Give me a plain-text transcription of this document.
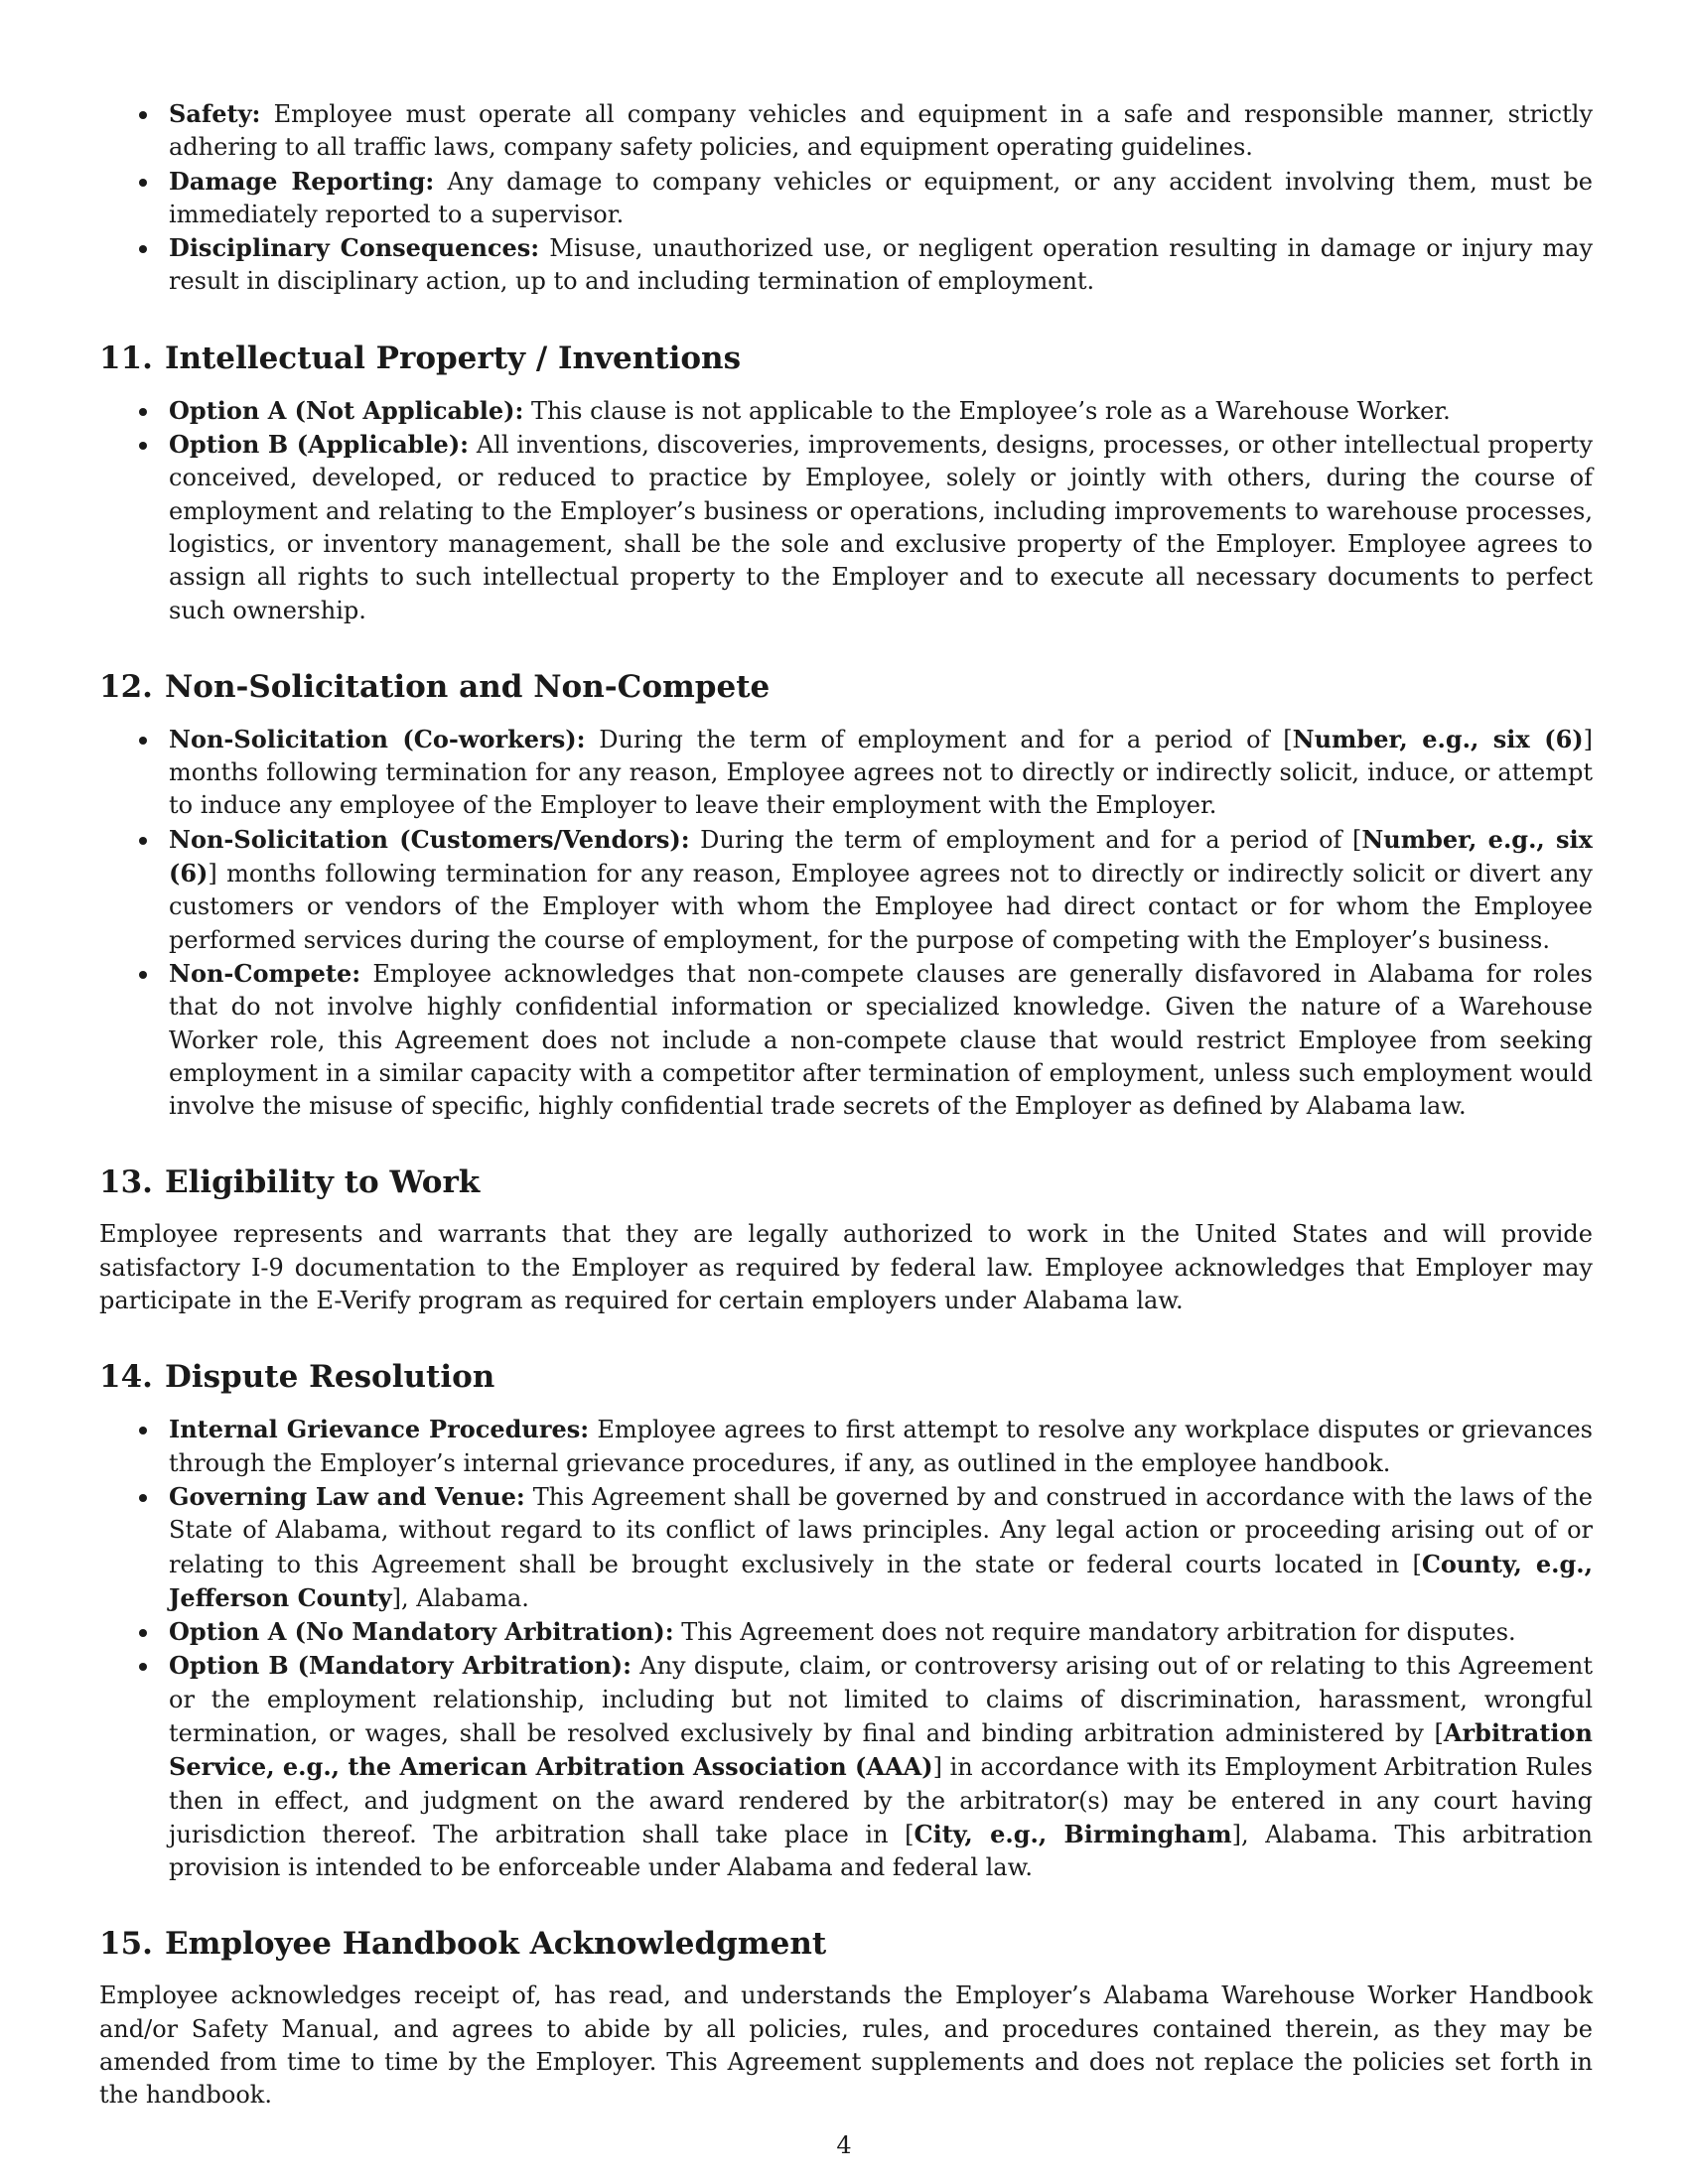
Safety: Employee must operate all company vehicles and equipment in a safe and responsible manner, strictly adhering to all traffic laws, company safety policies, and equipment operating guidelines.
Damage Reporting: Any damage to company vehicles or equipment, or any accident involving them, must be immediately reported to a supervisor.
Disciplinary Consequences: Misuse, unauthorized use, or negligent operation resulting in damage or injury may result in disciplinary action, up to and including termination of employment.
11. Intellectual Property / Inventions
Option A (Not Applicable): This clause is not applicable to the Employee’s role as a Warehouse Worker.
Option B (Applicable): All inventions, discoveries, improvements, designs, processes, or other intellectual property conceived, developed, or reduced to practice by Employee, solely or jointly with others, during the course of employment and relating to the Employer’s business or operations, including improvements to warehouse processes, logistics, or inventory management, shall be the sole and exclusive property of the Employer. Employee agrees to assign all rights to such intellectual property to the Employer and to execute all necessary documents to perfect such ownership.
12. Non-Solicitation and Non-Compete
Non-Solicitation (Co-workers): During the term of employment and for a period of [Number, e.g., six (6)] months following termination for any reason, Employee agrees not to directly or indirectly solicit, induce, or attempt to induce any employee of the Employer to leave their employment with the Employer.
Non-Solicitation (Customers/Vendors): During the term of employment and for a period of [Number, e.g., six (6)] months following termination for any reason, Employee agrees not to directly or indirectly solicit or divert any customers or vendors of the Employer with whom the Employee had direct contact or for whom the Employee performed services during the course of employment, for the purpose of competing with the Employer’s business.
Non-Compete: Employee acknowledges that non-compete clauses are generally disfavored in Alabama for roles that do not involve highly confidential information or specialized knowledge. Given the nature of a Warehouse Worker role, this Agreement does not include a non-compete clause that would restrict Employee from seeking employment in a similar capacity with a competitor after termination of employment, unless such employment would involve the misuse of specific, highly confidential trade secrets of the Employer as defined by Alabama law.
13. Eligibility to Work

Employee represents and warrants that they are legally authorized to work in the United States and will provide satisfactory I-9 documentation to the Employer as required by federal law. Employee acknowledges that Employer may participate in the E-Verify program as required for certain employers under Alabama law.

14. Dispute Resolution
Internal Grievance Procedures: Employee agrees to first attempt to resolve any workplace disputes or grievances through the Employer’s internal grievance procedures, if any, as outlined in the employee handbook.
Governing Law and Venue: This Agreement shall be governed by and construed in accordance with the laws of the State of Alabama, without regard to its conflict of laws principles. Any legal action or proceeding arising out of or relating to this Agreement shall be brought exclusively in the state or federal courts located in [County, e.g., Jefferson County], Alabama.
Option A (No Mandatory Arbitration): This Agreement does not require mandatory arbitration for disputes.
Option B (Mandatory Arbitration): Any dispute, claim, or controversy arising out of or relating to this Agreement or the employment relationship, including but not limited to claims of discrimination, harassment, wrongful termination, or wages, shall be resolved exclusively by final and binding arbitration administered by [Arbitration Service, e.g., the American Arbitration Association (AAA)] in accordance with its Employment Arbitration Rules then in effect, and judgment on the award rendered by the arbitrator(s) may be entered in any court having jurisdiction thereof. The arbitration shall take place in [City, e.g., Birmingham], Alabama. This arbitration provision is intended to be enforceable under Alabama and federal law.
15. Employee Handbook Acknowledgment

Employee acknowledges receipt of, has read, and understands the Employer’s Alabama Warehouse Worker Handbook and/or Safety Manual, and agrees to abide by all policies, rules, and procedures contained therein, as they may be amended from time to time by the Employer. This Agreement supplements and does not replace the policies set forth in the handbook.

4
